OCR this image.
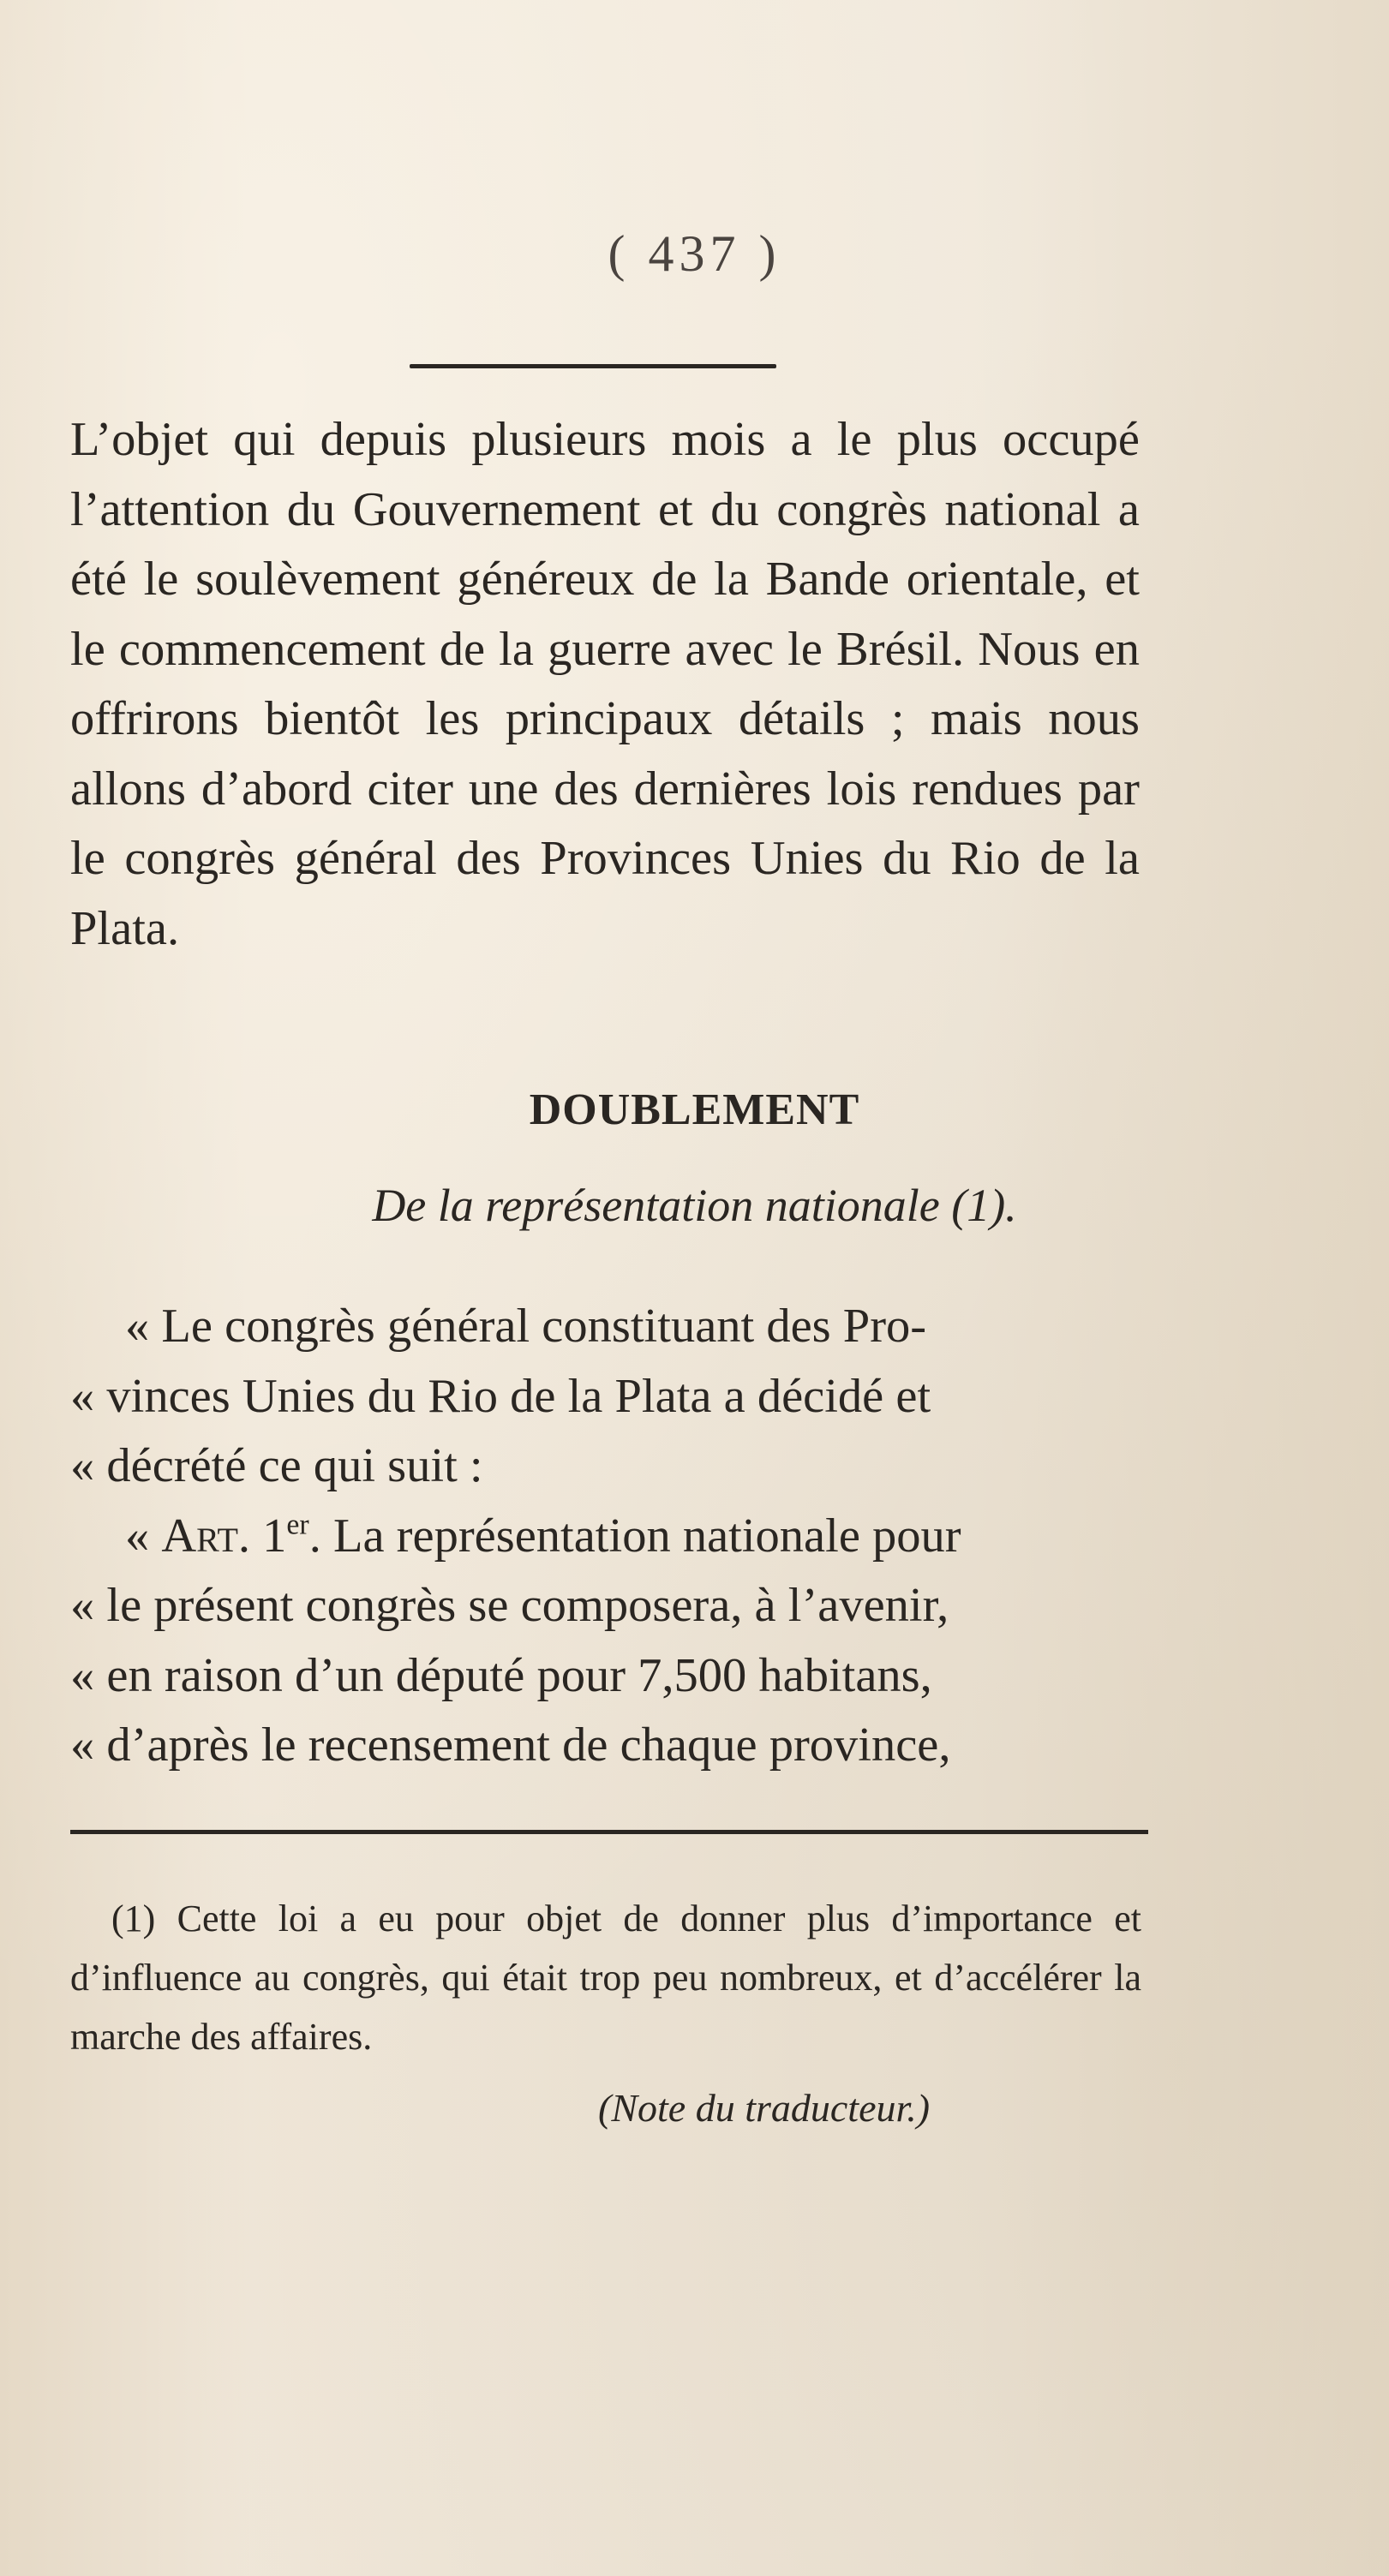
( 437 )

L’objet qui depuis plusieurs mois a le plus occupé l’attention du Gouvernement et du congrès national a été le soulèvement généreux de la Bande orientale, et le commencement de la guerre avec le Brésil. Nous en offrirons bientôt les principaux détails ; mais nous allons d’abord citer une des dernières lois rendues par le congrès général des Provinces Unies du Rio de la Plata.

DOUBLEMENT

De la représentation nationale (1).

« Le congrès général constituant des Pro-
« vinces Unies du Rio de la Plata a décidé et
« décrété ce qui suit :
« Art. 1er. La représentation nationale pour
« le présent congrès se composera, à l’avenir,
« en raison d’un député pour 7,500 habitans,
« d’après le recensement de chaque province,

(1) Cette loi a eu pour objet de donner plus d’importance et d’influence au congrès, qui était trop peu nombreux, et d’accélérer la marche des affaires.

(Note du traducteur.)
